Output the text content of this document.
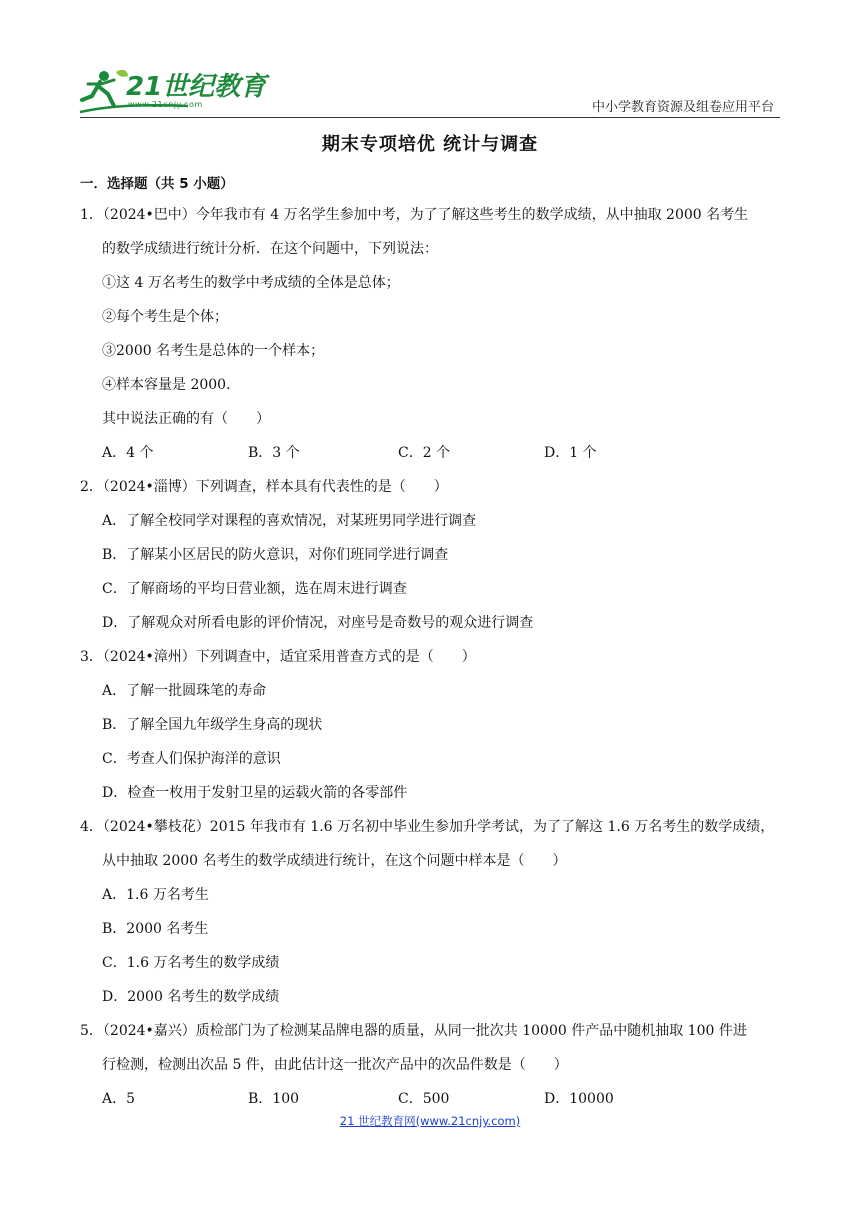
21世纪教育
www.21cnjy.com	中小学教育资源及组卷应用平台
期末专项培优 统计与调查
一．选择题（共 5 小题）
1．（2024•巴中）今年我市有 4 万名学生参加中考，为了了解这些考生的数学成绩，从中抽取 2000 名考生
的数学成绩进行统计分析．在这个问题中，下列说法：
①这 4 万名考生的数学中考成绩的全体是总体；
②每个考生是个体；
③2000 名考生是总体的一个样本；
④样本容量是 2000．
其中说法正确的有（　　）
A．4 个	B．3 个	C．2 个	D．1 个
2．（2024•淄博）下列调查，样本具有代表性的是（　　）
A．了解全校同学对课程的喜欢情况，对某班男同学进行调查
B．了解某小区居民的防火意识，对你们班同学进行调查
C．了解商场的平均日营业额，选在周末进行调查
D．了解观众对所看电影的评价情况，对座号是奇数号的观众进行调查
3．（2024•漳州）下列调查中，适宜采用普查方式的是（　　）
A．了解一批圆珠笔的寿命
B．了解全国九年级学生身高的现状
C．考查人们保护海洋的意识
D．检查一枚用于发射卫星的运载火箭的各零部件
4．（2024•攀枝花）2015 年我市有 1.6 万名初中毕业生参加升学考试，为了了解这 1.6 万名考生的数学成绩，
从中抽取 2000 名考生的数学成绩进行统计，在这个问题中样本是（　　）
A．1.6 万名考生
B．2000 名考生
C．1.6 万名考生的数学成绩
D．2000 名考生的数学成绩
5．（2024•嘉兴）质检部门为了检测某品牌电器的质量，从同一批次共 10000 件产品中随机抽取 100 件进
行检测，检测出次品 5 件，由此估计这一批次产品中的次品件数是（　　）
A．5	B．100	C．500	D．10000
21 世纪教育网(www.21cnjy.com)
